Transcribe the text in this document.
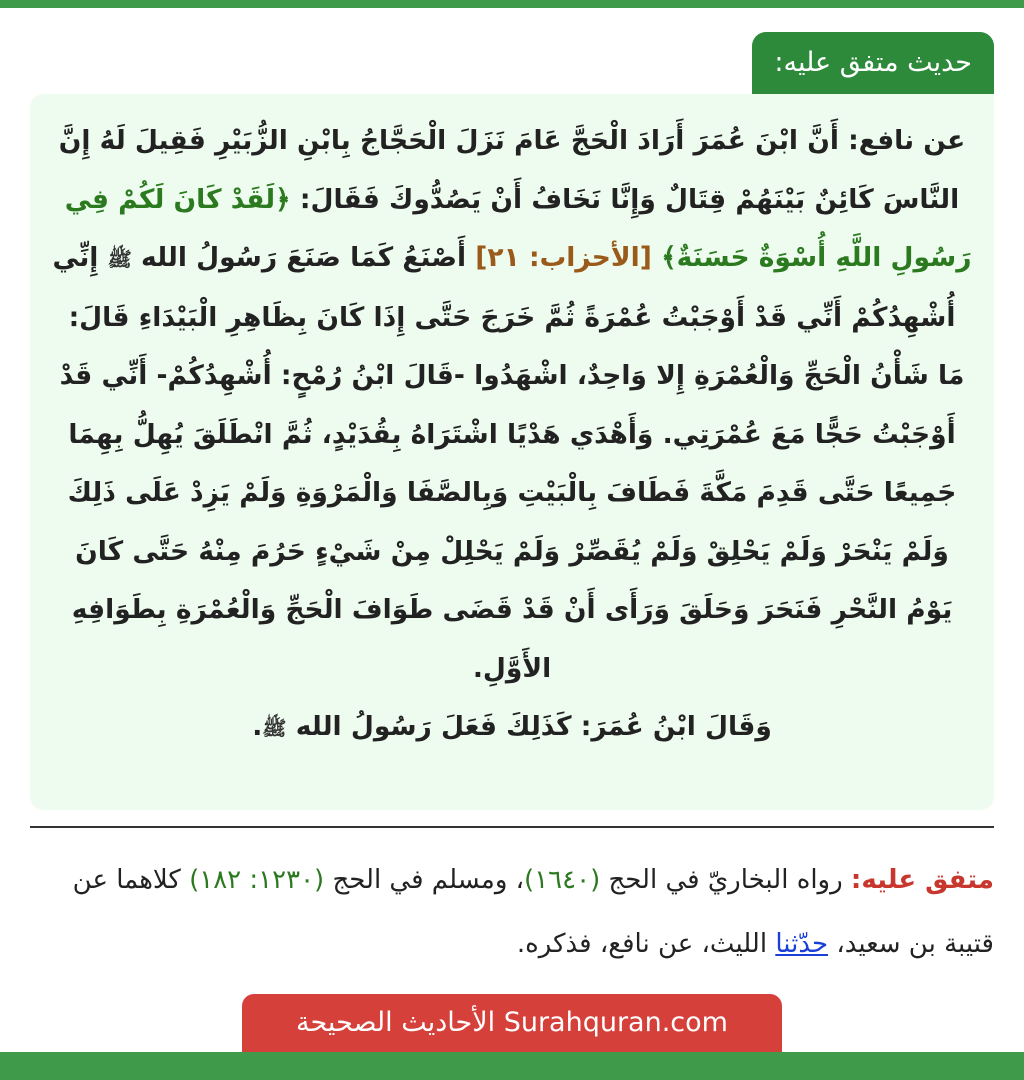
حديث متفق عليه:
عن نافع: أَنَّ ابْنَ عُمَرَ أَرَادَ الْحَجَّ عَامَ نَزَلَ الْحَجَّاجُ بِابْنِ الزُّبَيْرِ فَقِيلَ لَهُ إِنَّ النَّاسَ كَائِنٌ بَيْنَهُمْ قِتَالٌ وَإِنَّا نَخَافُ أَنْ يَصُدُّوكَ فَقَالَ: ﴿لَقَدْ كَانَ لَكُمْ فِي رَسُولِ اللَّهِ أُسْوَةٌ حَسَنَةٌ﴾ [الأحزاب: ٢١] أَصْنَعُ كَمَا صَنَعَ رَسُولُ الله ﷺ إِنِّي أُشْهِدُكُمْ أَنِّي قَدْ أَوْجَبْتُ عُمْرَةً ثُمَّ خَرَجَ حَتَّى إِذَا كَانَ بِظَاهِرِ الْبَيْدَاءِ قَالَ: مَا شَأْنُ الْحَجِّ وَالْعُمْرَةِ إِلا وَاحِدٌ، اشْهَدُوا -قَالَ ابْنُ رُمْحٍ: أُشْهِدُكُمْ- أَنِّي قَدْ أَوْجَبْتُ حَجًّا مَعَ عُمْرَتِي. وَأَهْدَي هَدْيًا اشْتَرَاهُ بِقُدَيْدٍ، ثُمَّ انْطَلَقَ يُهِلُّ بِهِمَا جَمِيعًا حَتَّى قَدِمَ مَكَّةَ فَطَافَ بِالْبَيْتِ وَبِالصَّفَا وَالْمَرْوَةِ وَلَمْ يَزِدْ عَلَى ذَلِكَ وَلَمْ يَنْحَرْ وَلَمْ يَحْلِقْ وَلَمْ يُقَصِّرْ وَلَمْ يَحْلِلْ مِنْ شَيْءٍ حَرُمَ مِنْهُ حَتَّى كَانَ يَوْمُ النَّحْرِ فَنَحَرَ وَحَلَقَ وَرَأَى أَنْ قَدْ قَضَى طَوَافَ الْحَجِّ وَالْعُمْرَةِ بِطَوَافِهِ الأَوَّلِ.
وَقَالَ ابْنُ عُمَرَ: كَذَلِكَ فَعَلَ رَسُولُ الله ﷺ.
متفق عليه: رواه البخاريّ في الحج (١٦٤٠)، ومسلم في الحج (١٢٣٠: ١٨٢) كلاهما عن قتيبة بن سعيد، حدّثنا الليث، عن نافع، فذكره.
الأحاديث الصحيحة Surahquran.com
